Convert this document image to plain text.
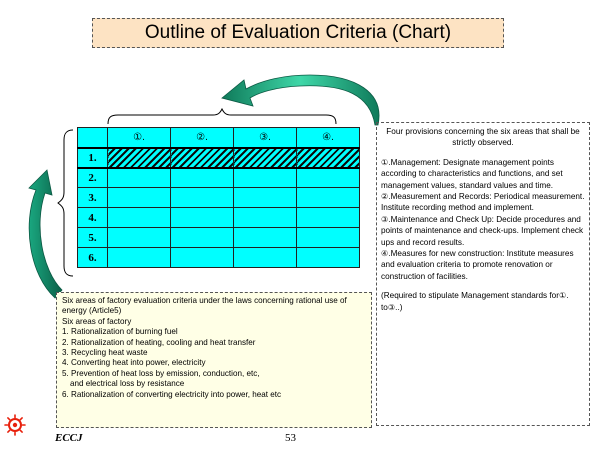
Outline of Evaluation Criteria (Chart)
	①.	②.	③.	④.
1.				
2.				
3.				
4.				
5.				
6.				

Four provisions concerning the six areas that shall be strictly observed.

①.Management: Designate management points according to characteristics and functions, and set management values, standard values and time.

②.Measurement and Records: Periodical measurement. Institute recording method and implement.

③.Maintenance and Check Up: Decide procedures and points of maintenance and check-ups. Implement check ups and record results.

④.Measures for new construction: Institute measures and evaluation criteria to promote renovation or construction of facilities.

(Required to stipulate Management standards for①. to③..)

Six areas of factory evaluation criteria under the laws concerning rational use of energy (Article5)

Six areas of factory

1. Rationalization of burning fuel

2. Rationalization of heating, cooling and heat transfer

3. Recycling heat waste

4. Converting heat into power, electricity

5. Prevention of heat loss by emission, conduction, etc,

and electrical loss by resistance

6. Rationalization of converting electricity into power, heat etc

ECCJ	53
